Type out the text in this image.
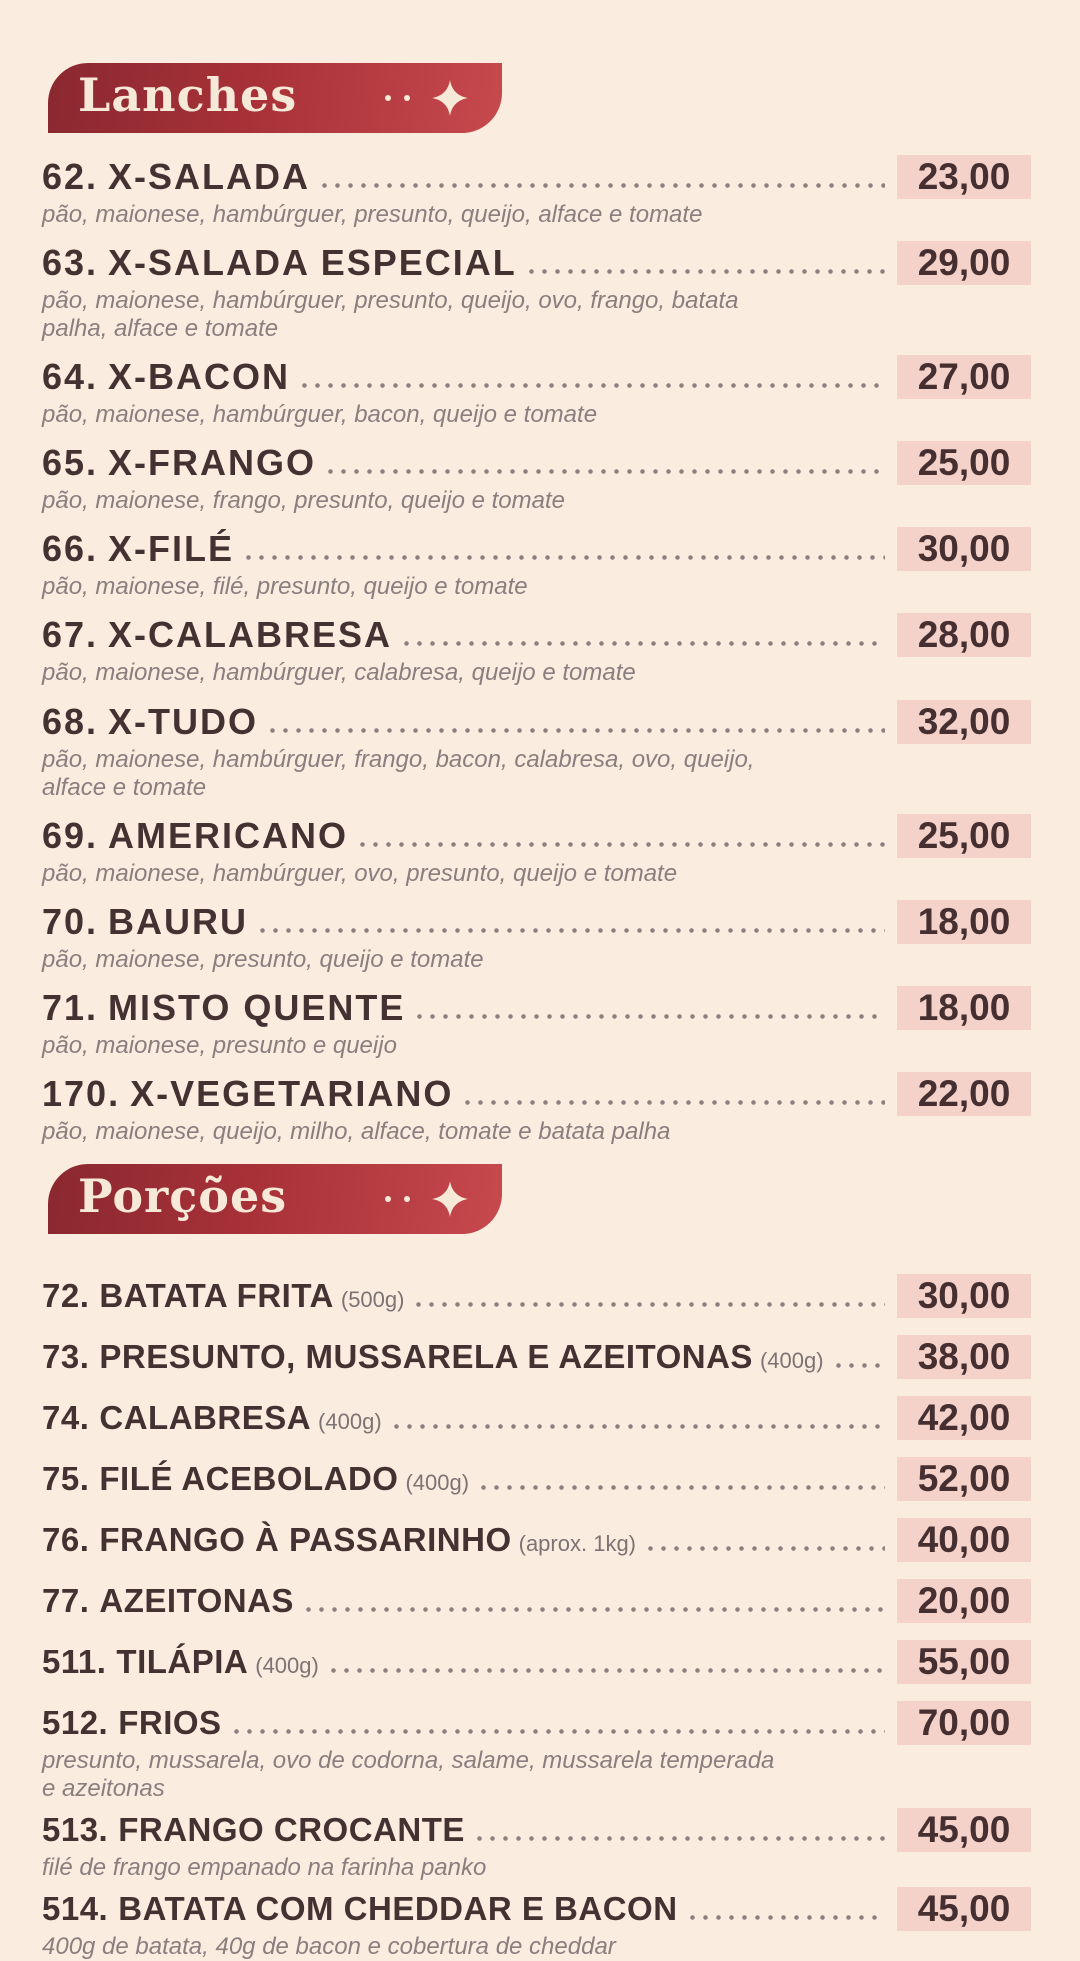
Lanches
62. X-SALADA	23,00
pão, maionese, hambúrguer, presunto, queijo, alface e tomate
63. X-SALADA ESPECIAL	29,00
pão, maionese, hambúrguer, presunto, queijo, ovo, frango, batata palha, alface e tomate
64. X-BACON	27,00
pão, maionese, hambúrguer, bacon, queijo e tomate
65. X-FRANGO	25,00
pão, maionese, frango, presunto, queijo e tomate
66. X-FILÉ	30,00
pão, maionese, filé, presunto, queijo e tomate
67. X-CALABRESA	28,00
pão, maionese, hambúrguer, calabresa, queijo e tomate
68. X-TUDO	32,00
pão, maionese, hambúrguer, frango, bacon, calabresa, ovo, queijo, alface e tomate
69. AMERICANO	25,00
pão, maionese, hambúrguer, ovo, presunto, queijo e tomate
70. BAURU	18,00
pão, maionese, presunto, queijo e tomate
71. MISTO QUENTE	18,00
pão, maionese, presunto e queijo
170. X-VEGETARIANO	22,00
pão, maionese, queijo, milho, alface, tomate e batata palha
Porções
72. BATATA FRITA (500g)	30,00
73. PRESUNTO, MUSSARELA E AZEITONAS (400g)	38,00
74. CALABRESA (400g)	42,00
75. FILÉ ACEBOLADO (400g)	52,00
76. FRANGO À PASSARINHO (aprox. 1kg)	40,00
77. AZEITONAS	20,00
511. TILÁPIA (400g)	55,00
512. FRIOS	70,00
presunto, mussarela, ovo de codorna, salame, mussarela temperada e azeitonas
513. FRANGO CROCANTE	45,00
filé de frango empanado na farinha panko
514. BATATA COM CHEDDAR E BACON	45,00
400g de batata, 40g de bacon e cobertura de cheddar
